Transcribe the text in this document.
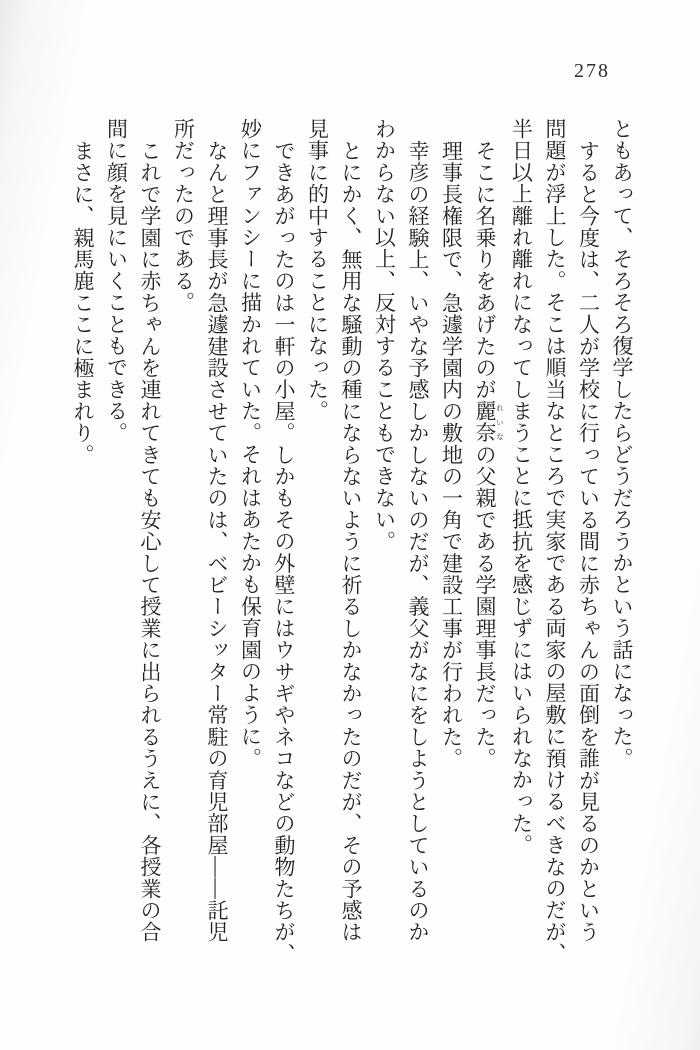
278
ともあって、そろそろ復学したらどうだろうかという話になった。
すると今度は、二人が学校に行っている間に赤ちゃんの面倒を誰が見るのかという
問題が浮上した。そこは順当なところで実家である両家の屋敷に預けるべきなのだが、
半日以上離れ離れになってしまうことに抵抗を感じずにはいられなかった。
そこに名乗りをあげたのが麗奈れいなの父親である学園理事長だった。
理事長権限で、急遽学園内の敷地の一角で建設工事が行われた。
幸彦の経験上、いやな予感しかしないのだが、義父がなにをしようとしているのか
わからない以上、反対することもできない。
とにかく、無用な騒動の種にならないように祈るしかなかったのだが、その予感は
見事に的中することになった。
できあがったのは一軒の小屋。しかもその外壁にはウサギやネコなどの動物たちが、
妙にファンシーに描かれていた。それはあたかも保育園のように。
なんと理事長が急遽建設させていたのは、ベビーシッター常駐の育児部屋——託児
所だったのである。
これで学園に赤ちゃんを連れてきても安心して授業に出られるうえに、各授業の合
間に顔を見にいくこともできる。
まさに、親馬鹿ここに極まれり。
